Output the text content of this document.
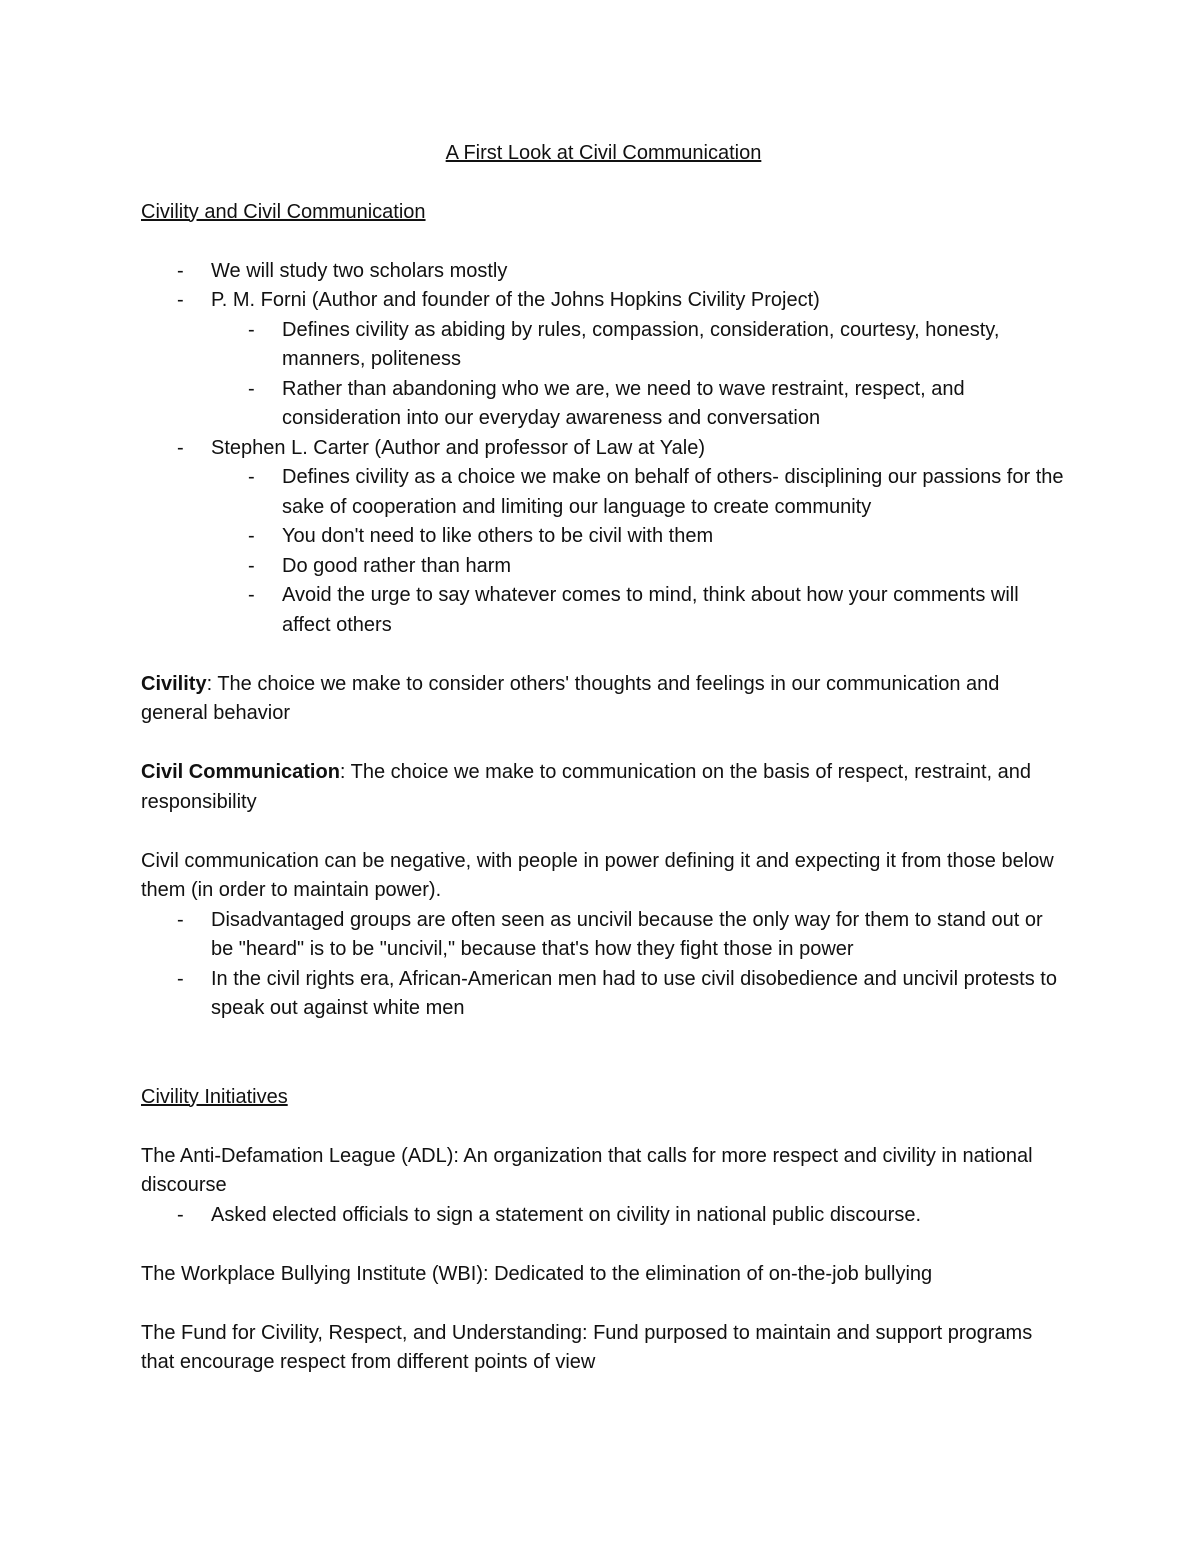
A First Look at Civil Communication
Civility and Civil Communication
- We will study two scholars mostly
- P. M. Forni (Author and founder of the Johns Hopkins Civility Project)
- Defines civility as abiding by rules, compassion, consideration, courtesy, honesty, manners, politeness
- Rather than abandoning who we are, we need to wave restraint, respect, and consideration into our everyday awareness and conversation
- Stephen L. Carter (Author and professor of Law at Yale)
- Defines civility as a choice we make on behalf of others- disciplining our passions for the sake of cooperation and limiting our language to create community
- You don't need to like others to be civil with them
- Do good rather than harm
- Avoid the urge to say whatever comes to mind, think about how your comments will affect others

Civility: The choice we make to consider others' thoughts and feelings in our communication and general behavior

Civil Communication: The choice we make to communication on the basis of respect, restraint, and responsibility

Civil communication can be negative, with people in power defining it and expecting it from those below them (in order to maintain power).

- Disadvantaged groups are often seen as uncivil because the only way for them to stand out or be "heard" is to be "uncivil," because that's how they fight those in power
- In the civil rights era, African-American men had to use civil disobedience and uncivil protests to speak out against white men
Civility Initiatives

The Anti-Defamation League (ADL): An organization that calls for more respect and civility in national discourse

- Asked elected officials to sign a statement on civility in national public discourse.

The Workplace Bullying Institute (WBI): Dedicated to the elimination of on-the-job bullying

The Fund for Civility, Respect, and Understanding: Fund purposed to maintain and support programs that encourage respect from different points of view
